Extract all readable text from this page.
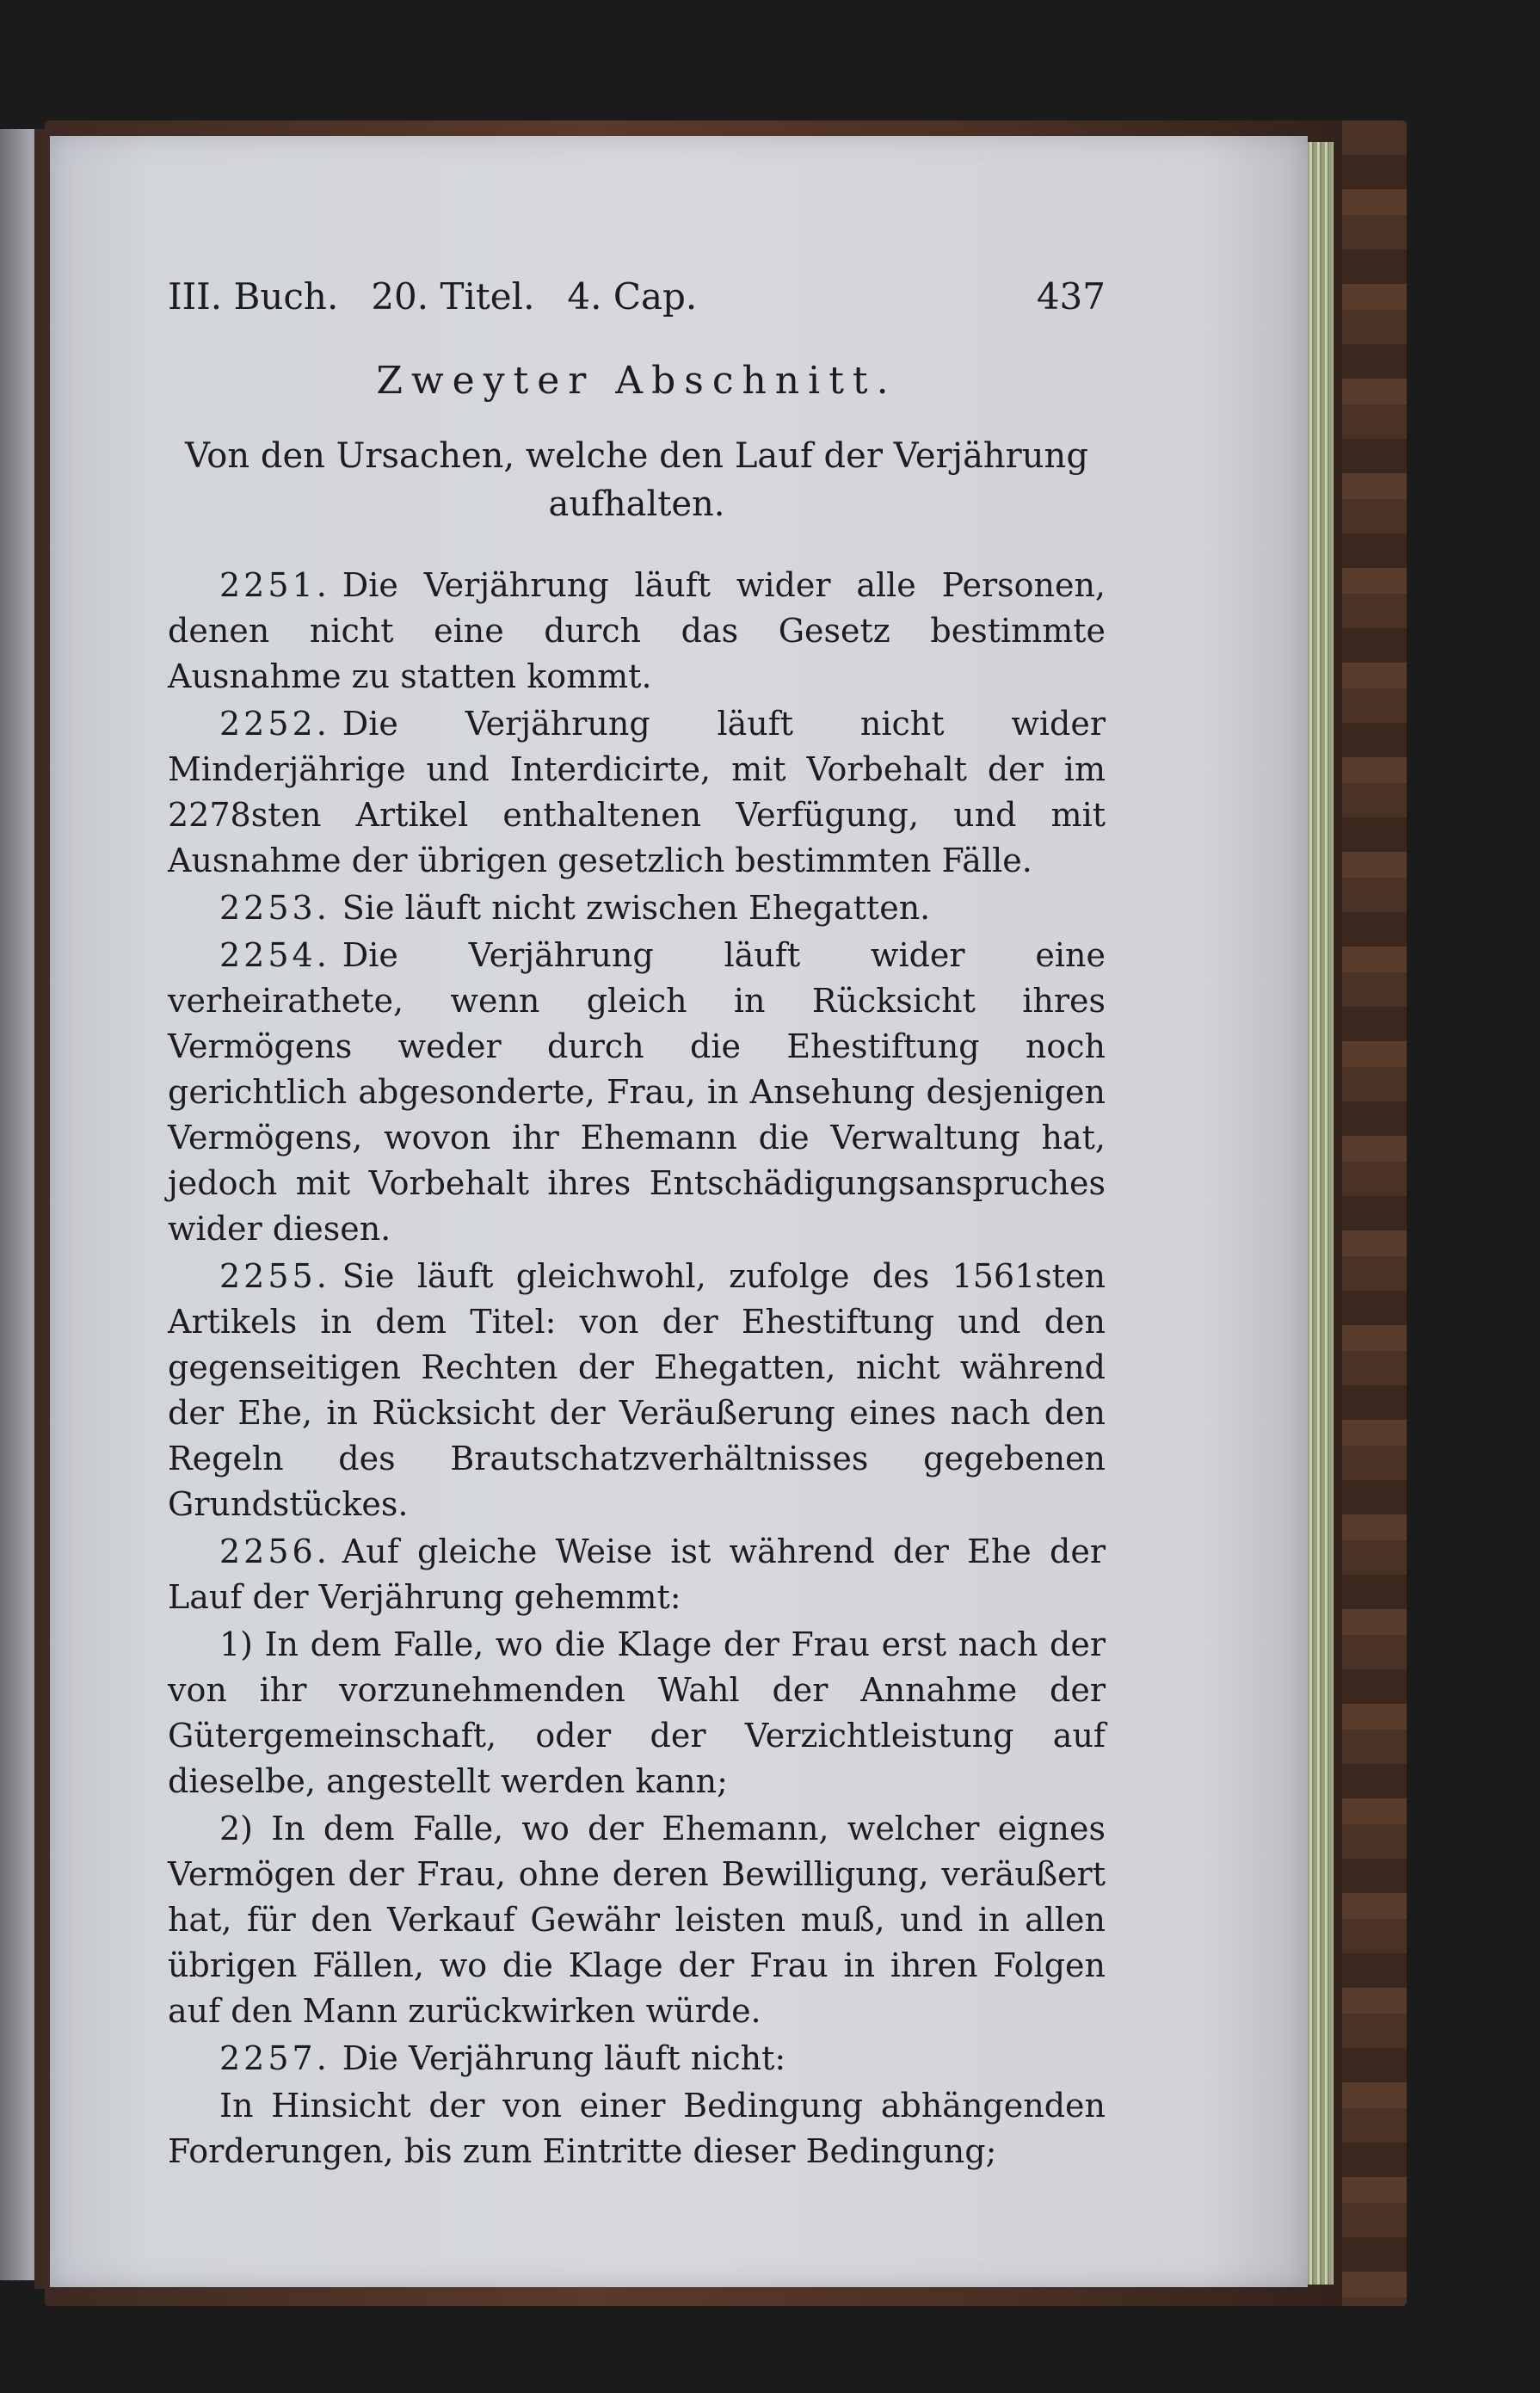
III. Buch. 20. Titel. 4. Cap.	437
Zweyter Abschnitt.

Von den Ursachen, welche den Lauf der Verjährung aufhalten.

2251. Die Verjährung läuft wider alle Personen, denen nicht eine durch das Gesetz bestimmte Ausnahme zu statten kommt.

2252. Die Verjährung läuft nicht wider Minderjährige und Interdicirte, mit Vorbehalt der im 2278sten Artikel enthaltenen Verfügung, und mit Ausnahme der übrigen gesetzlich bestimmten Fälle.

2253. Sie läuft nicht zwischen Ehegatten.

2254. Die Verjährung läuft wider eine verheirathete, wenn gleich in Rücksicht ihres Vermögens weder durch die Ehestiftung noch gerichtlich abgesonderte, Frau, in Ansehung desjenigen Vermögens, wovon ihr Ehemann die Verwaltung hat, jedoch mit Vorbehalt ihres Entschädigungsanspruches wider diesen.

2255. Sie läuft gleichwohl, zufolge des 1561sten Artikels in dem Titel: von der Ehestiftung und den gegenseitigen Rechten der Ehegatten, nicht während der Ehe, in Rücksicht der Veräußerung eines nach den Regeln des Brautschatzverhältnisses gegebenen Grundstückes.

2256. Auf gleiche Weise ist während der Ehe der Lauf der Verjährung gehemmt:

1) In dem Falle, wo die Klage der Frau erst nach der von ihr vorzunehmenden Wahl der Annahme der Gütergemeinschaft, oder der Verzichtleistung auf dieselbe, angestellt werden kann;

2) In dem Falle, wo der Ehemann, welcher eignes Vermögen der Frau, ohne deren Bewilligung, veräußert hat, für den Verkauf Gewähr leisten muß, und in allen übrigen Fällen, wo die Klage der Frau in ihren Folgen auf den Mann zurückwirken würde.

2257. Die Verjährung läuft nicht:

In Hinsicht der von einer Bedingung abhängenden Forderungen, bis zum Eintritte dieser Bedingung;
